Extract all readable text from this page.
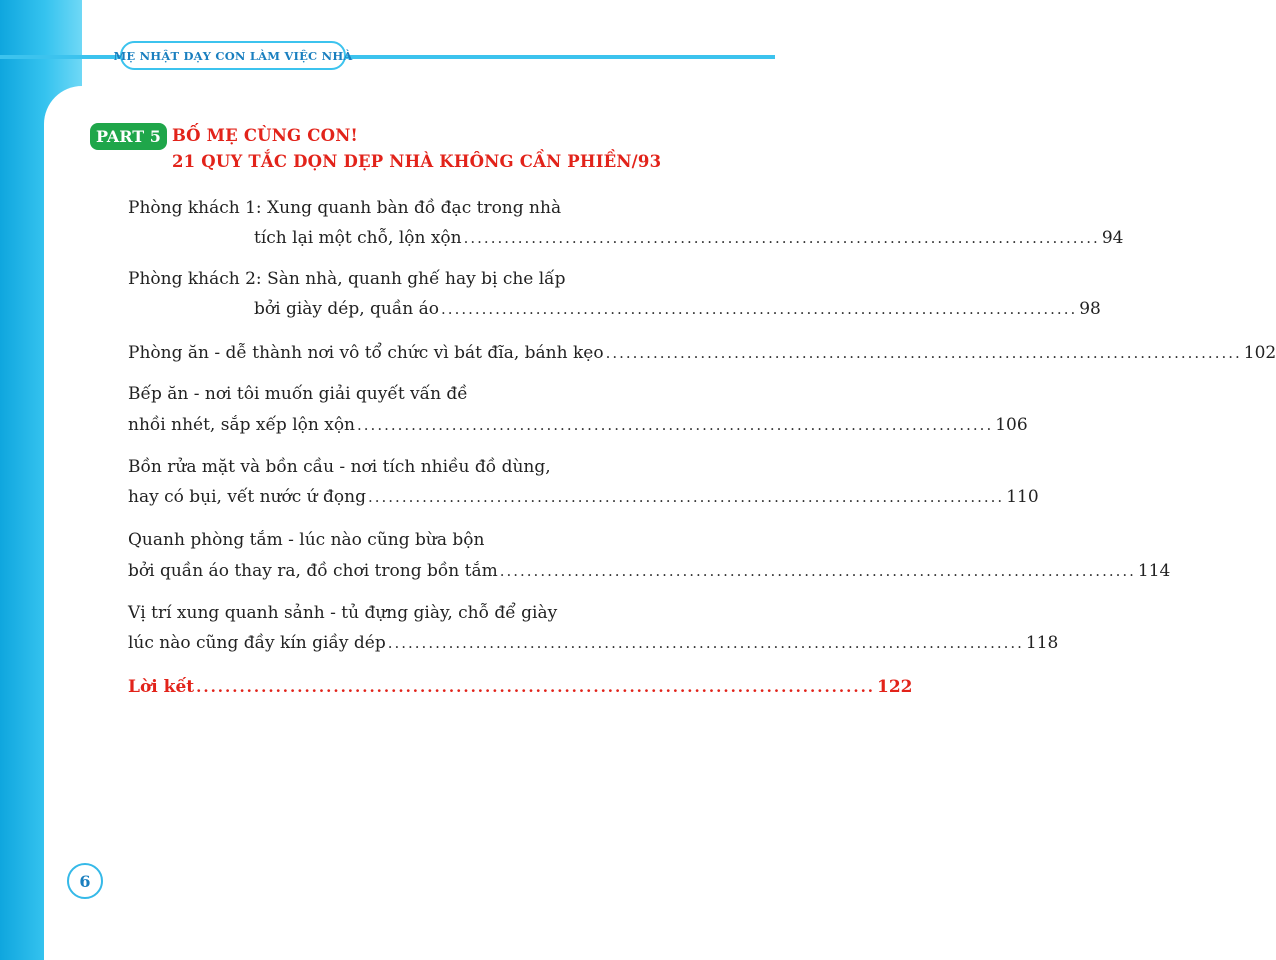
MẸ NHẬT DẠY CON LÀM VIỆC NHÀ
PART 5 BỐ MẸ CÙNG CON!
21 QUY TẮC DỌN DẸP NHÀ KHÔNG CẦN PHIỀN/93
Phòng khách 1: Xung quanh bàn đồ đạc trong nhà
tích lại một chỗ, lộn xộn .............................................................................................. 94
Phòng khách 2: Sàn nhà, quanh ghế hay bị che lấp
bởi giày dép, quần áo .............................................................................................. 98
Phòng ăn - dễ thành nơi vô tổ chức vì bát đĩa, bánh kẹo .............................................................................................. 102
Bếp ăn - nơi tôi muốn giải quyết vấn đề
nhồi nhét, sắp xếp lộn xộn .............................................................................................. 106
Bồn rửa mặt và bồn cầu - nơi tích nhiều đồ dùng,
hay có bụi, vết nước ứ đọng .............................................................................................. 110
Quanh phòng tắm - lúc nào cũng bừa bộn
bởi quần áo thay ra, đồ chơi trong bồn tắm .............................................................................................. 114
Vị trí xung quanh sảnh - tủ đựng giày, chỗ để giày
lúc nào cũng đầy kín giầy dép .............................................................................................. 118
Lời kết .............................................................................................. 122
6
